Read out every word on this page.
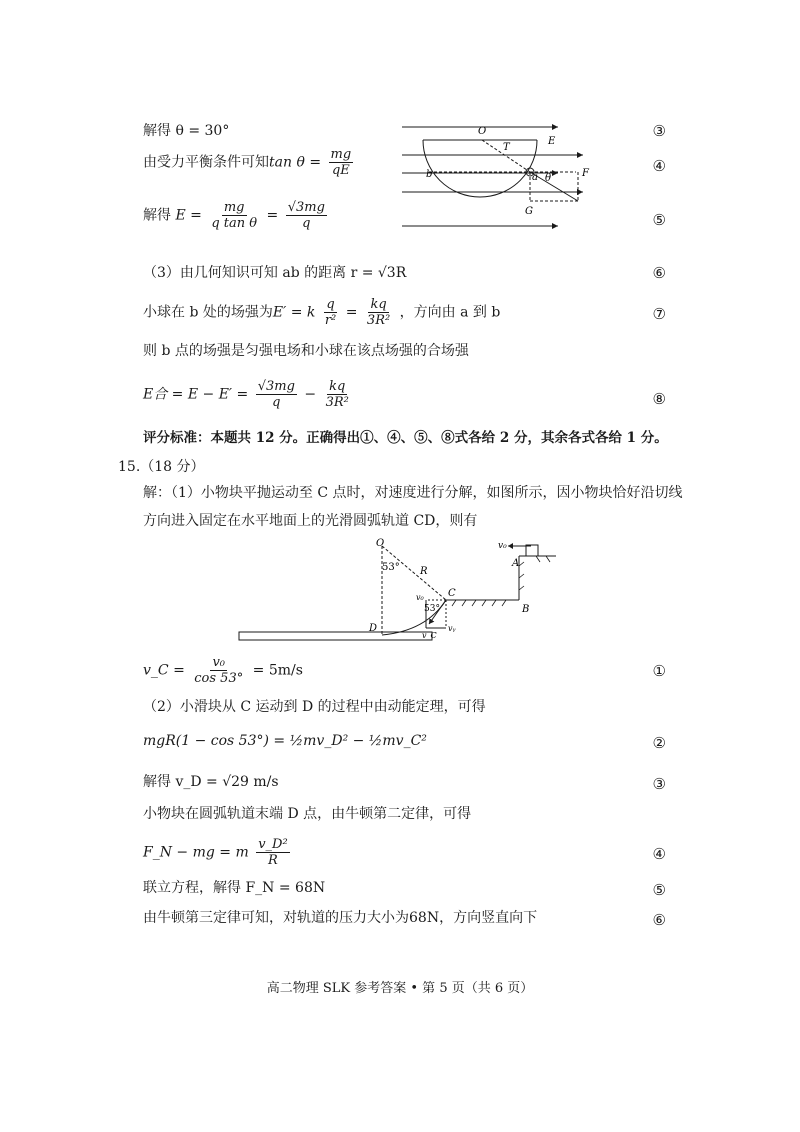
解得 θ = 30°	③
由受力平衡条件可知$\tan \theta = \frac{mg}{qE}$	④
解得 $E = \frac{mg}{\text{q tan θ}} = \frac{√3mg}{q}$	⑤
O
E
T
b	a θ	F
G
（3）由几何知识可知 ab 的距离 r = √3R	⑥
小球在 b 处的场强为E′ = k $\frac{q}{\text{r²}} = \frac{kq}{\text{3R²}}$ ，方向由 a 到 b	⑦
则 b 点的场强是匀强电场和小球在该点场强的合场强
E合 = $E - E' = \frac{√3mg}{q} - \frac{kq}{\text{3R²}}$	⑧
评分标准：本题共 12 分。正确得出①、④、⑤、⑧式各给 2 分，其余各式各给 1 分。
15.（18 分）
解：（1）小物块平抛运动至 C 点时，对速度进行分解，如图所示，因小物块恰好沿切线
方向进入固定在水平地面上的光滑圆弧轨道 CD，则有
O
53° R
C
v₀
A
B
D
v₀
53°
vᵧ
v_C
v_C = $\frac{\text{v₀}}{\cos 53^\circ} = 5m/s$	①
（2）小滑块从 C 运动到 D 的过程中由动能定理，可得
mgR(1 − cos 53°) = ½mv_D² − ½mv_C²	②
解得 v_D = √29 m/s	③
小物块在圆弧轨道末端 D 点，由牛顿第二定律，可得
F_N − mg = m $\frac{\text{v\_D²}}{R}$	④
联立方程，解得 F_N = 68N	⑤
由牛顿第三定律可知，对轨道的压力大小为68N，方向竖直向下	⑥
高二物理 SLK 参考答案 • 第 5 页（共 6 页）
